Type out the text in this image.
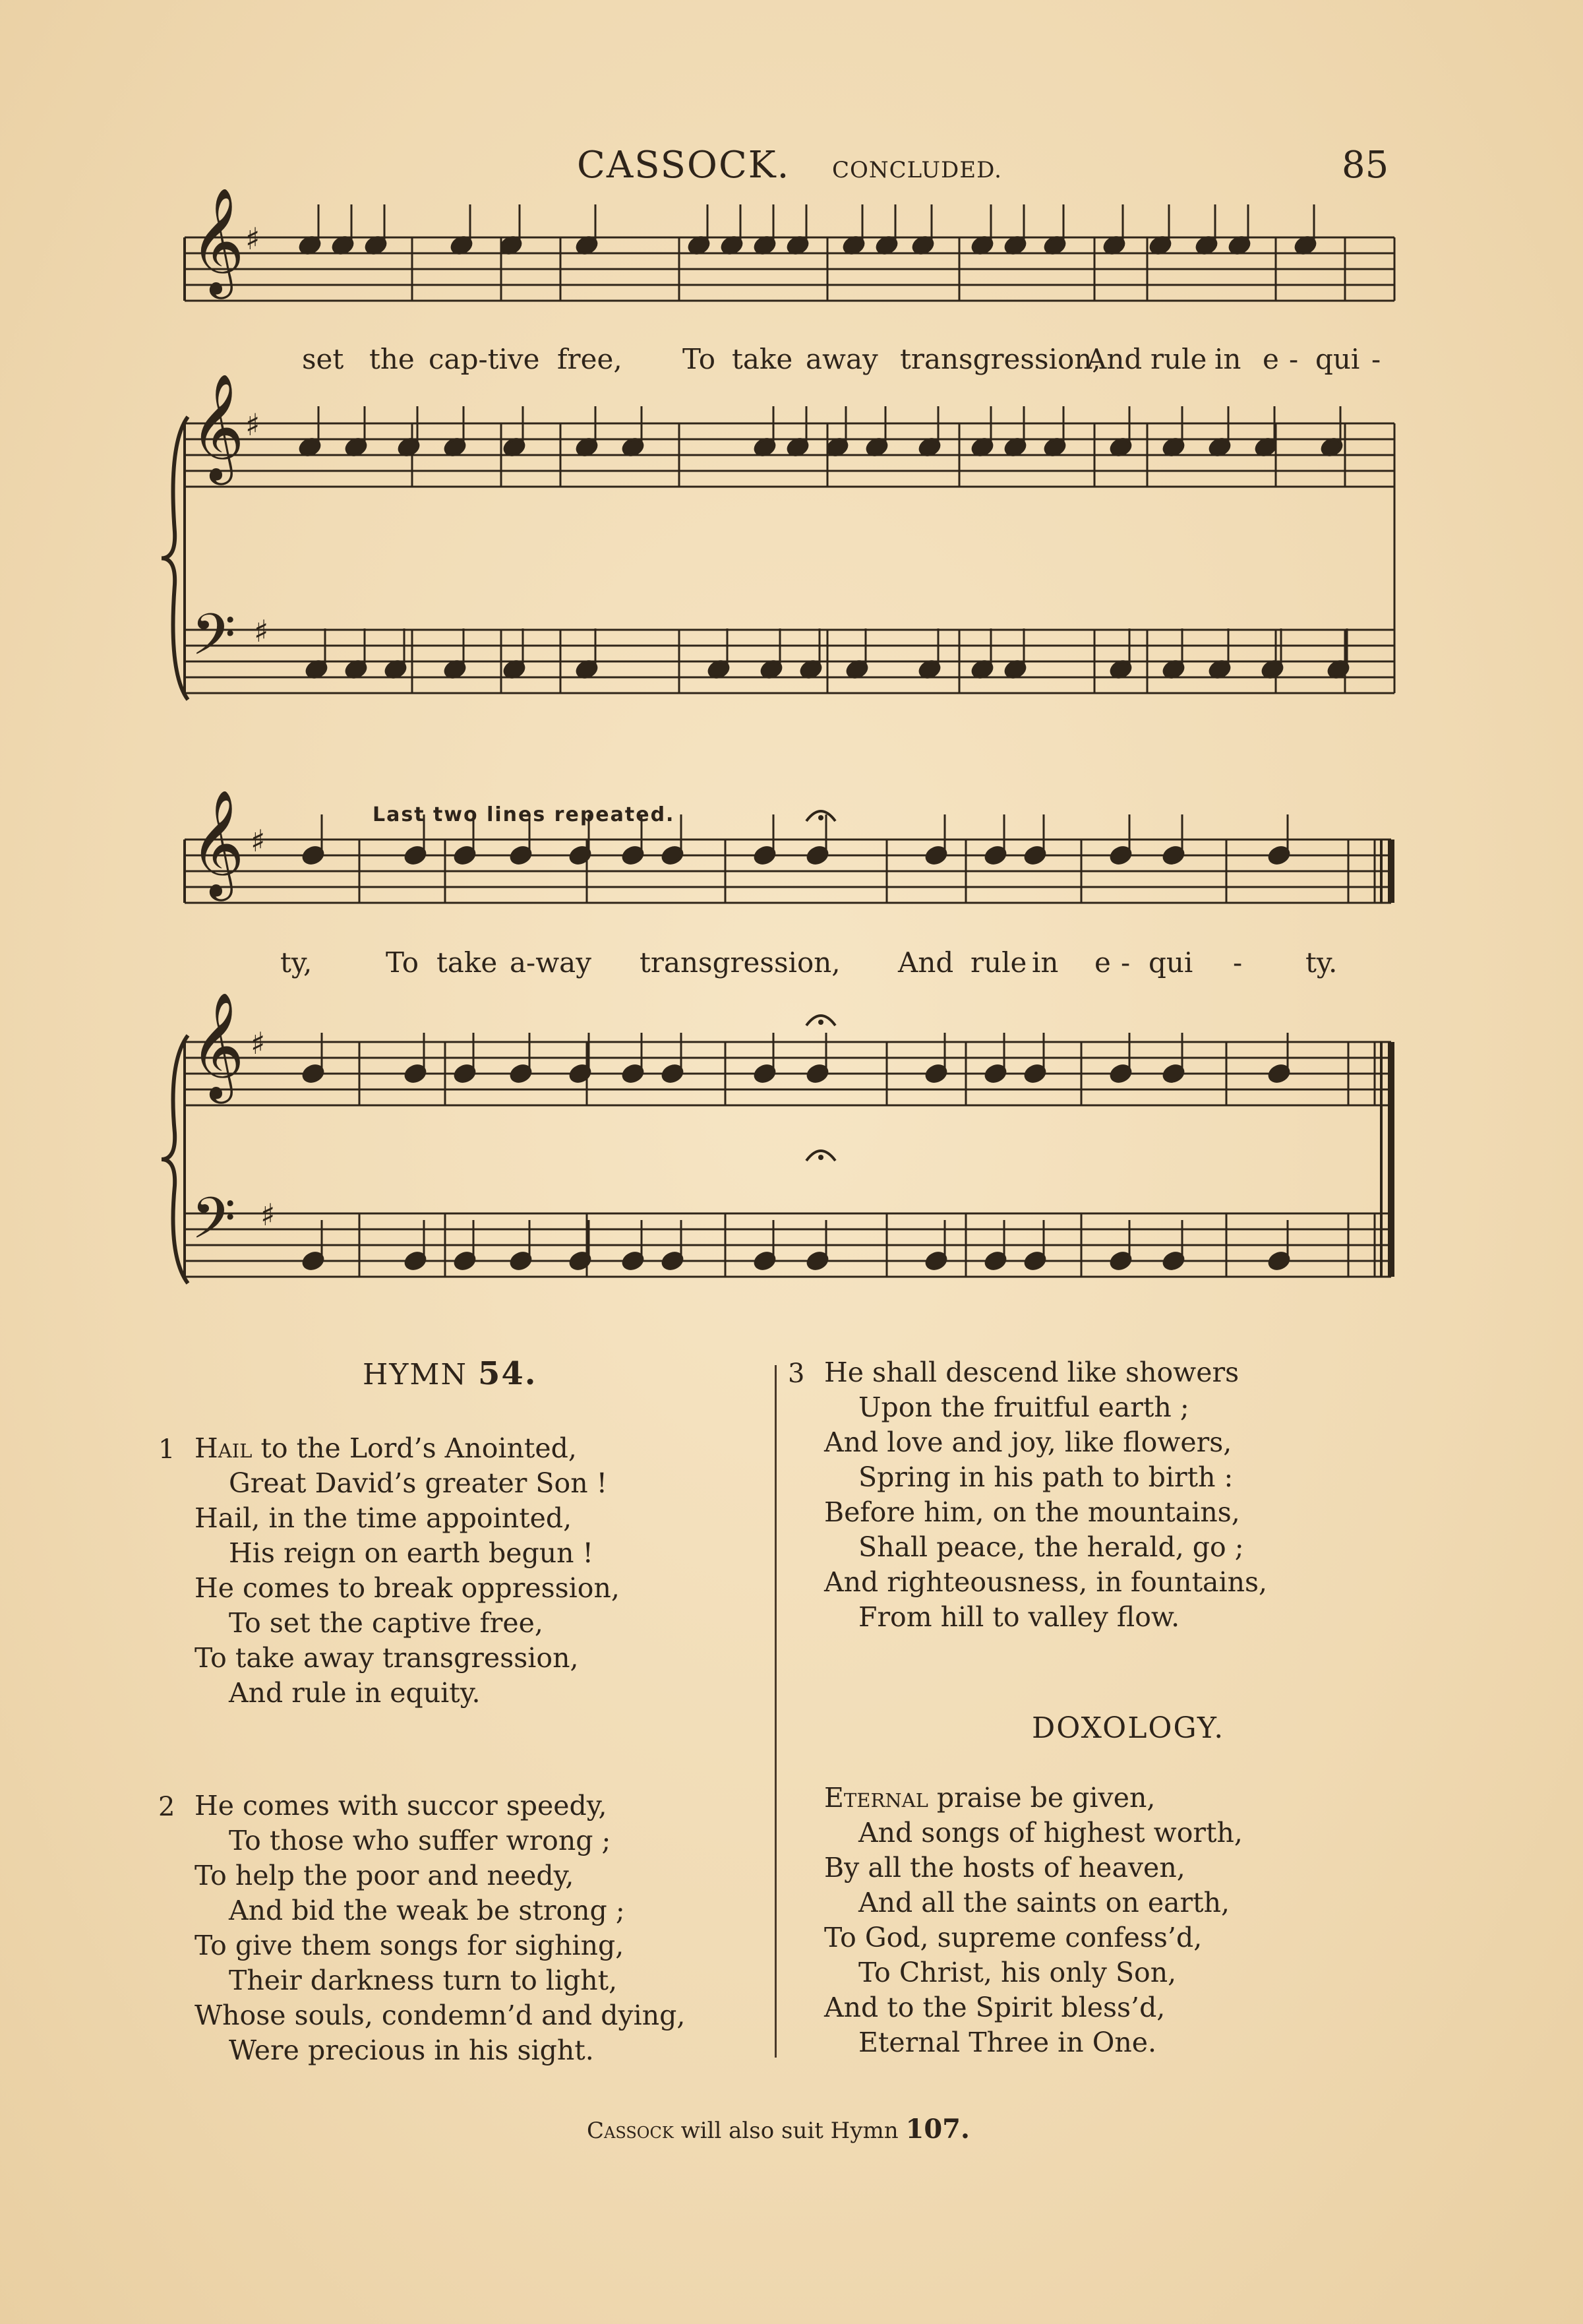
CASSOCK. CONCLUDED.	85
𝄞 ♯
𝄞 ♯
𝄢 ♯
𝄞 ♯
𝄞 ♯
𝄢 ♯
set the cap-tive free, To take away transgression,
And rule in e - qui -
Last two lines repeated.
ty,	To take a-way transgression, And rule in e - qui - ty.
HYMN 54.
1 Hail to the Lord’s Anointed,
Great David’s greater Son !
Hail, in the time appointed,
His reign on earth begun !
He comes to break oppression,
To set the captive free,
To take away transgression,
And rule in equity.
2 He comes with succor speedy,
To those who suffer wrong ;
To help the poor and needy,
And bid the weak be strong ;
To give them songs for sighing,
Their darkness turn to light,
Whose souls, condemn’d and dying,
Were precious in his sight.
3 He shall descend like showers
Upon the fruitful earth ;
And love and joy, like flowers,
Spring in his path to birth :
Before him, on the mountains,
Shall peace, the herald, go ;
And righteousness, in fountains,
From hill to valley flow.
DOXOLOGY.
Eternal praise be given,
And songs of highest worth,
By all the hosts of heaven,
And all the saints on earth,
To God, supreme confess’d,
To Christ, his only Son,
And to the Spirit bless’d,
Eternal Three in One.
Cassock will also suit Hymn 107.
